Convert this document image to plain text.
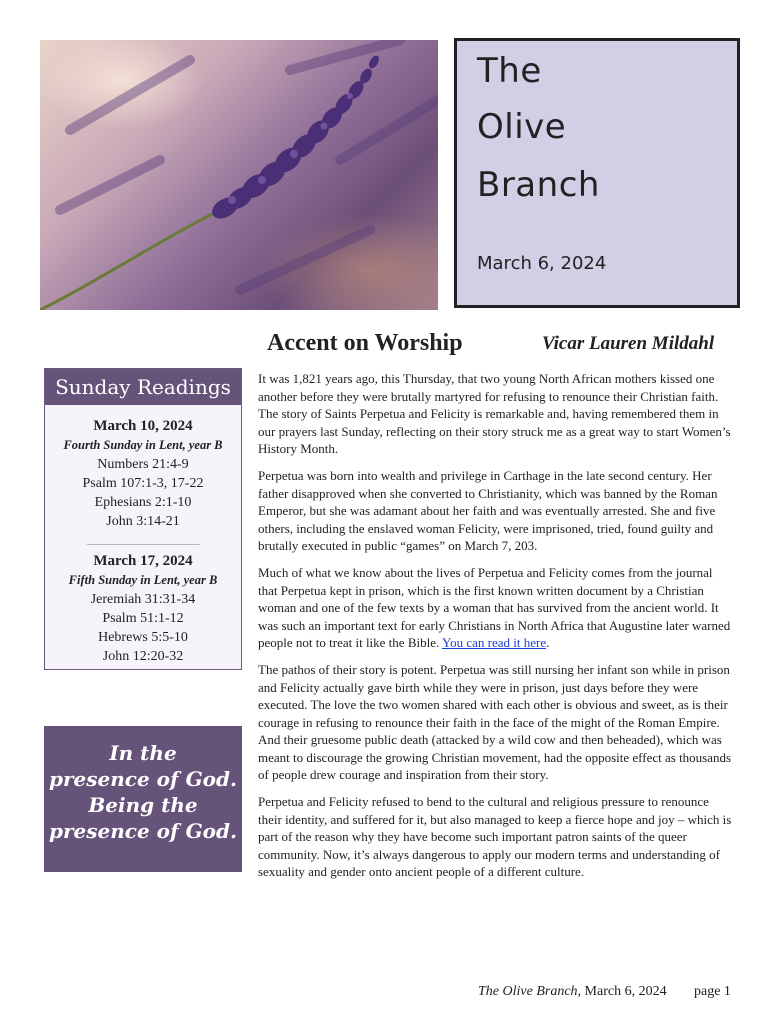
The
Olive
Branch
March 6, 2024
Accent on Worship	Vicar Lauren Mildahl
Sunday Readings
March 10, 2024
Fourth Sunday in Lent, year B
Numbers 21:4-9
Psalm 107:1-3, 17-22
Ephesians 2:1-10
John 3:14-21
_________________________
March 17, 2024
Fifth Sunday in Lent, year B
Jeremiah 31:31-34
Psalm 51:1-12
Hebrews 5:5-10
John 12:20-32
In the
presence of God.
Being the
presence of God.

It was 1,821 years ago, this Thursday, that two young North African mothers kissed one another before they were brutally martyred for refusing to renounce their Christian faith. The story of Saints Perpetua and Felicity is remarkable and, having remembered them in our prayers last Sunday, reflecting on their story struck me as a great way to start Women’s History Month.

Perpetua was born into wealth and privilege in Carthage in the late second century. Her father disapproved when she converted to Christianity, which was banned by the Roman Emperor, but she was adamant about her faith and was eventually arrested. She and five others, including the enslaved woman Felicity, were imprisoned, tried, found guilty and brutally executed in public “games” on March 7, 203.

Much of what we know about the lives of Perpetua and Felicity comes from the journal that Perpetua kept in prison, which is the first known written document by a Christian woman and one of the few texts by a woman that has survived from the ancient world. It was such an important text for early Christians in North Africa that Augustine later warned people not to treat it like the Bible. You can read it here.

The pathos of their story is potent. Perpetua was still nursing her infant son while in prison and Felicity actually gave birth while they were in prison, just days before they were executed. The love the two women shared with each other is obvious and sweet, as is their courage in refusing to renounce their faith in the face of the might of the Roman Empire. And their gruesome public death (attacked by a wild cow and then beheaded), which was meant to discourage the growing Christian movement, had the opposite effect as thousands of people drew courage and inspiration from their story.

Perpetua and Felicity refused to bend to the cultural and religious pressure to renounce their identity, and suffered for it, but also managed to keep a fierce hope and joy – which is part of the reason why they have become such important patron saints of the queer community. Now, it’s always dangerous to apply our modern terms and understanding of sexuality and gender onto ancient people of a different culture.

The Olive Branch, March 6, 2024 page 1
